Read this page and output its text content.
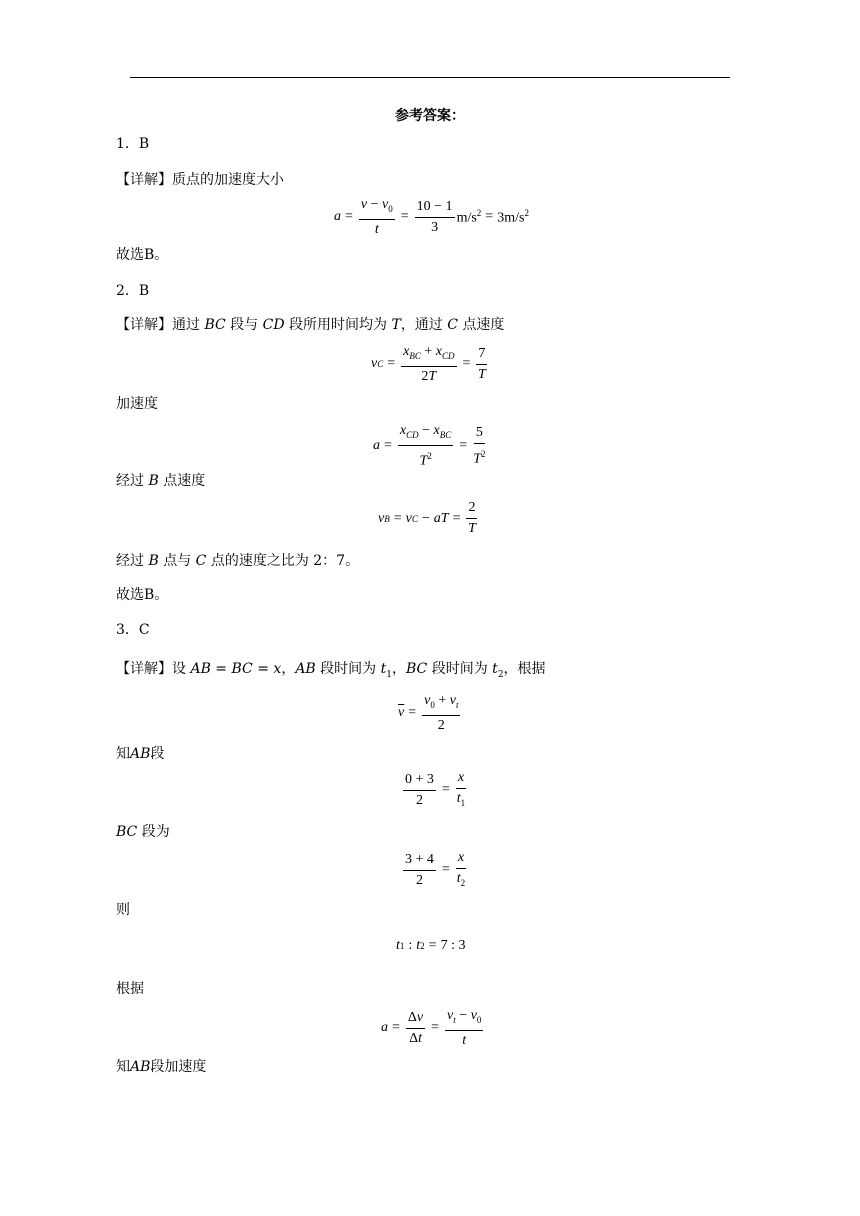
参考答案：
1．B
【详解】质点的加速度大小
$a = \frac{v - v_0}{t} = \frac{10 - 1}{3} m/s^2 = 3m/s^2$
故选B。
2．B
【详解】通过 BC 段与 CD 段所用时间均为 T，通过 C 点速度
v $C = \frac{x_{BC} + x_{CD}}{2T} = \frac{7}{T}$
加速度
$a = \frac{x_{CD} - x_{BC}}{T^2} = \frac{5}{T^2}$
经过 B 点速度
v B = v C − aT = $\frac{2}{T}$
经过 B 点与 C 点的速度之比为 2：7。
故选B。
3．C
【详解】设 AB = BC = x，AB 段时间为 $t_1$，BC 段时间为 $t_2$，根据
$\overline{v} = \frac{v_0 + v_t}{2}$
知AB段
$\frac{0 + 3}{2} = \frac{x}{t_1}$
BC 段为
$\frac{3 + 4}{2} = \frac{x}{t_2}$
则
t 1 : t 2 = 7 : 3
根据
$a = \frac{\Delta v}{\Delta t} = \frac{v_t - v_0}{t}$
知AB段加速度
